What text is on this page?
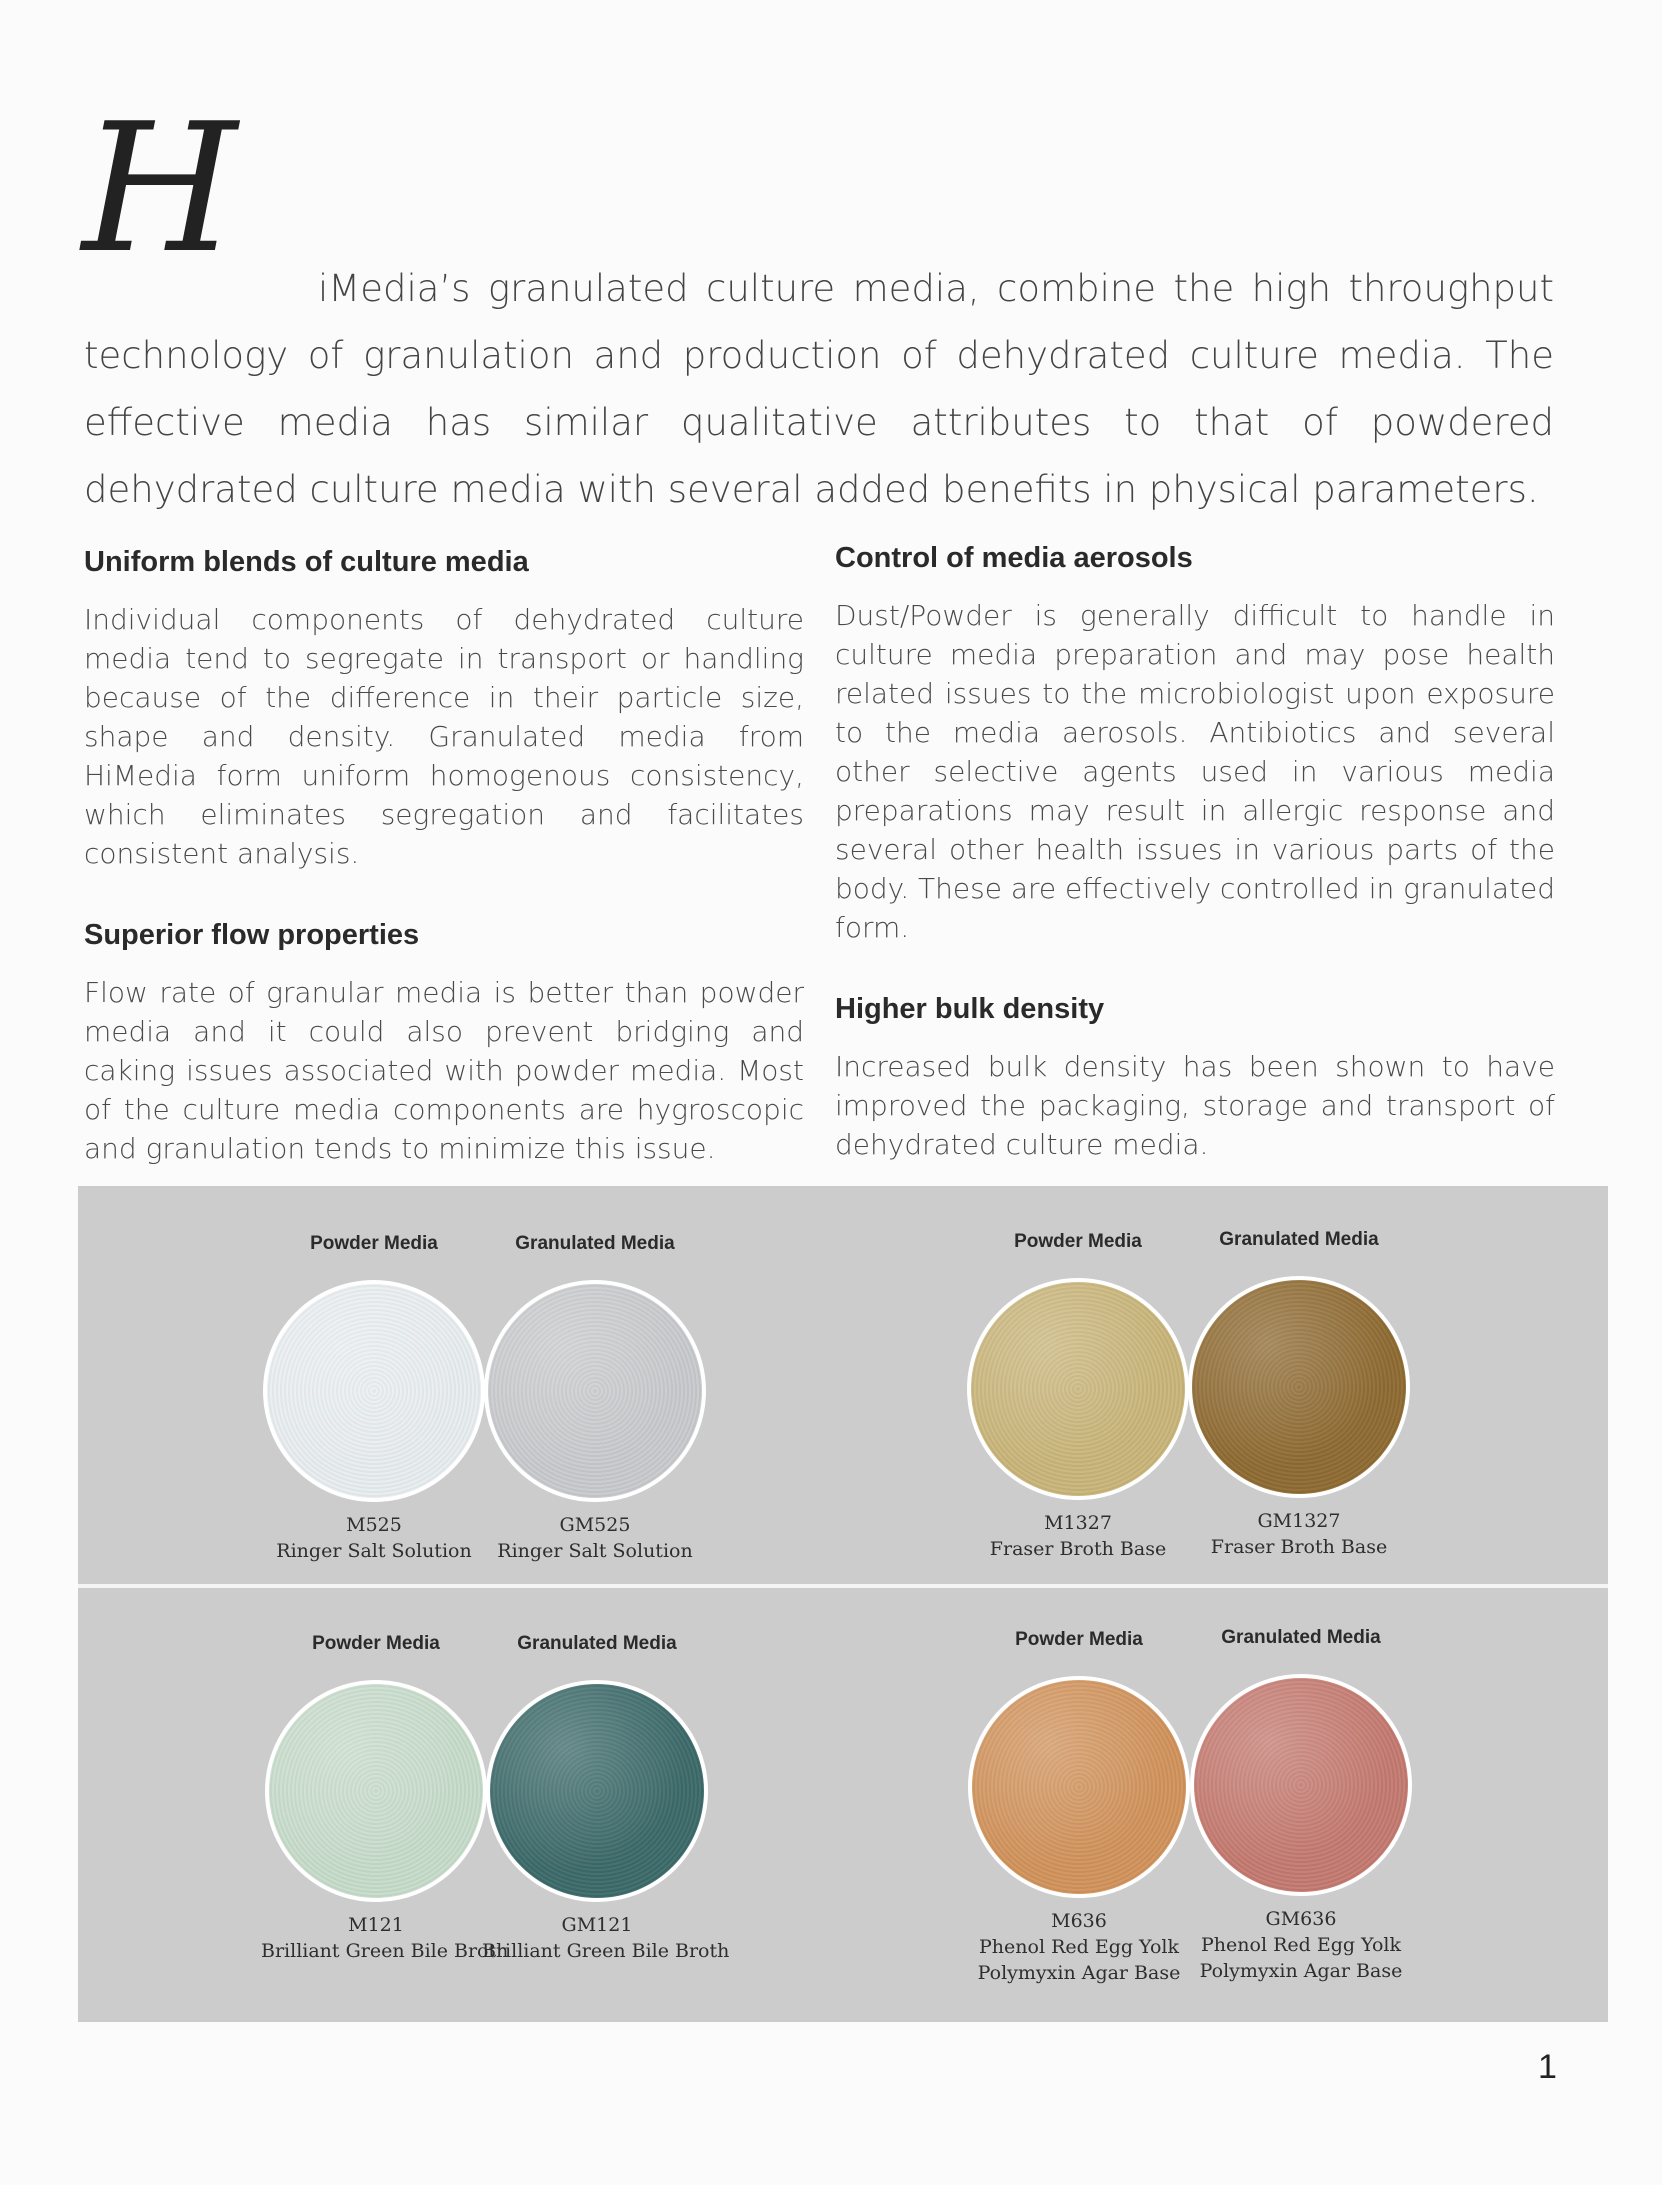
H	iMedia’s granulated culture media, combine the high throughput technology of granulation and production of dehydrated culture media. The effective media has similar qualitative attributes to that of powdered dehydrated culture media with several added benefits in physical parameters.

Uniform blends of culture media

Individual components of dehydrated culture media tend to segregate in transport or handling because of the difference in their particle size, shape and density. Granulated media from HiMedia form uniform homogenous consistency, which eliminates segregation and facilitates consistent analysis.

Superior flow properties

Flow rate of granular media is better than powder media and it could also prevent bridging and caking issues associated with powder media. Most of the culture media components are hygroscopic and granulation tends to minimize this issue.

Control of media aerosols

Dust/Powder is generally difficult to handle in culture media preparation and may pose health related issues to the microbiologist upon exposure to the media aerosols. Antibiotics and several other selective agents used in various media preparations may result in allergic response and several other health issues in various parts of the body. These are effectively controlled in granulated form.

Higher bulk density

Increased bulk density has been shown to have improved the packaging, storage and transport of dehydrated culture media.

Powder Media
M525
Ringer Salt Solution
Granulated Media
GM525
Ringer Salt Solution
Powder Media
M1327
Fraser Broth Base
Granulated Media
GM1327
Fraser Broth Base
Powder Media
M121
Brilliant Green Bile Broth
Granulated Media
GM121
Brilliant Green Bile Broth
Powder Media
M636
Phenol Red Egg Yolk
Polymyxin Agar Base
Granulated Media
GM636
Phenol Red Egg Yolk
Polymyxin Agar Base
1
